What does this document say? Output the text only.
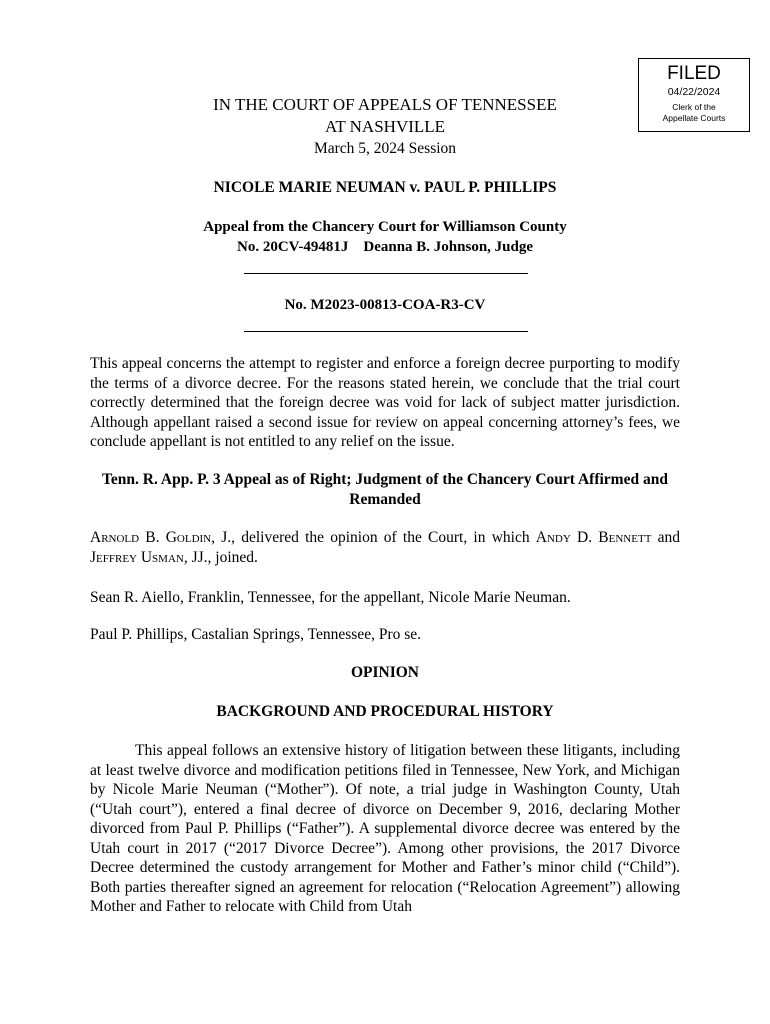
FILED
04/22/2024
Clerk of the
Appellate Courts
IN THE COURT OF APPEALS OF TENNESSEE
AT NASHVILLE
March 5, 2024 Session
NICOLE MARIE NEUMAN v. PAUL P. PHILLIPS
Appeal from the Chancery Court for Williamson County
No. 20CV-49481J    Deanna B. Johnson, Judge
No. M2023-00813-COA-R3-CV
This appeal concerns the attempt to register and enforce a foreign decree purporting to modify the terms of a divorce decree. For the reasons stated herein, we conclude that the trial court correctly determined that the foreign decree was void for lack of subject matter jurisdiction. Although appellant raised a second issue for review on appeal concerning attorney’s fees, we conclude appellant is not entitled to any relief on the issue.
Tenn. R. App. P. 3 Appeal as of Right; Judgment of the Chancery Court Affirmed and Remanded
Arnold B. Goldin, J., delivered the opinion of the Court, in which Andy D. Bennett and Jeffrey Usman, JJ., joined.
Sean R. Aiello, Franklin, Tennessee, for the appellant, Nicole Marie Neuman.
Paul P. Phillips, Castalian Springs, Tennessee, Pro se.
OPINION
BACKGROUND AND PROCEDURAL HISTORY
This appeal follows an extensive history of litigation between these litigants, including at least twelve divorce and modification petitions filed in Tennessee, New York, and Michigan by Nicole Marie Neuman (“Mother”). Of note, a trial judge in Washington County, Utah (“Utah court”), entered a final decree of divorce on December 9, 2016, declaring Mother divorced from Paul P. Phillips (“Father”). A supplemental divorce decree was entered by the Utah court in 2017 (“2017 Divorce Decree”). Among other provisions, the 2017 Divorce Decree determined the custody arrangement for Mother and Father’s minor child (“Child”). Both parties thereafter signed an agreement for relocation (“Relocation Agreement”) allowing Mother and Father to relocate with Child from Utah
